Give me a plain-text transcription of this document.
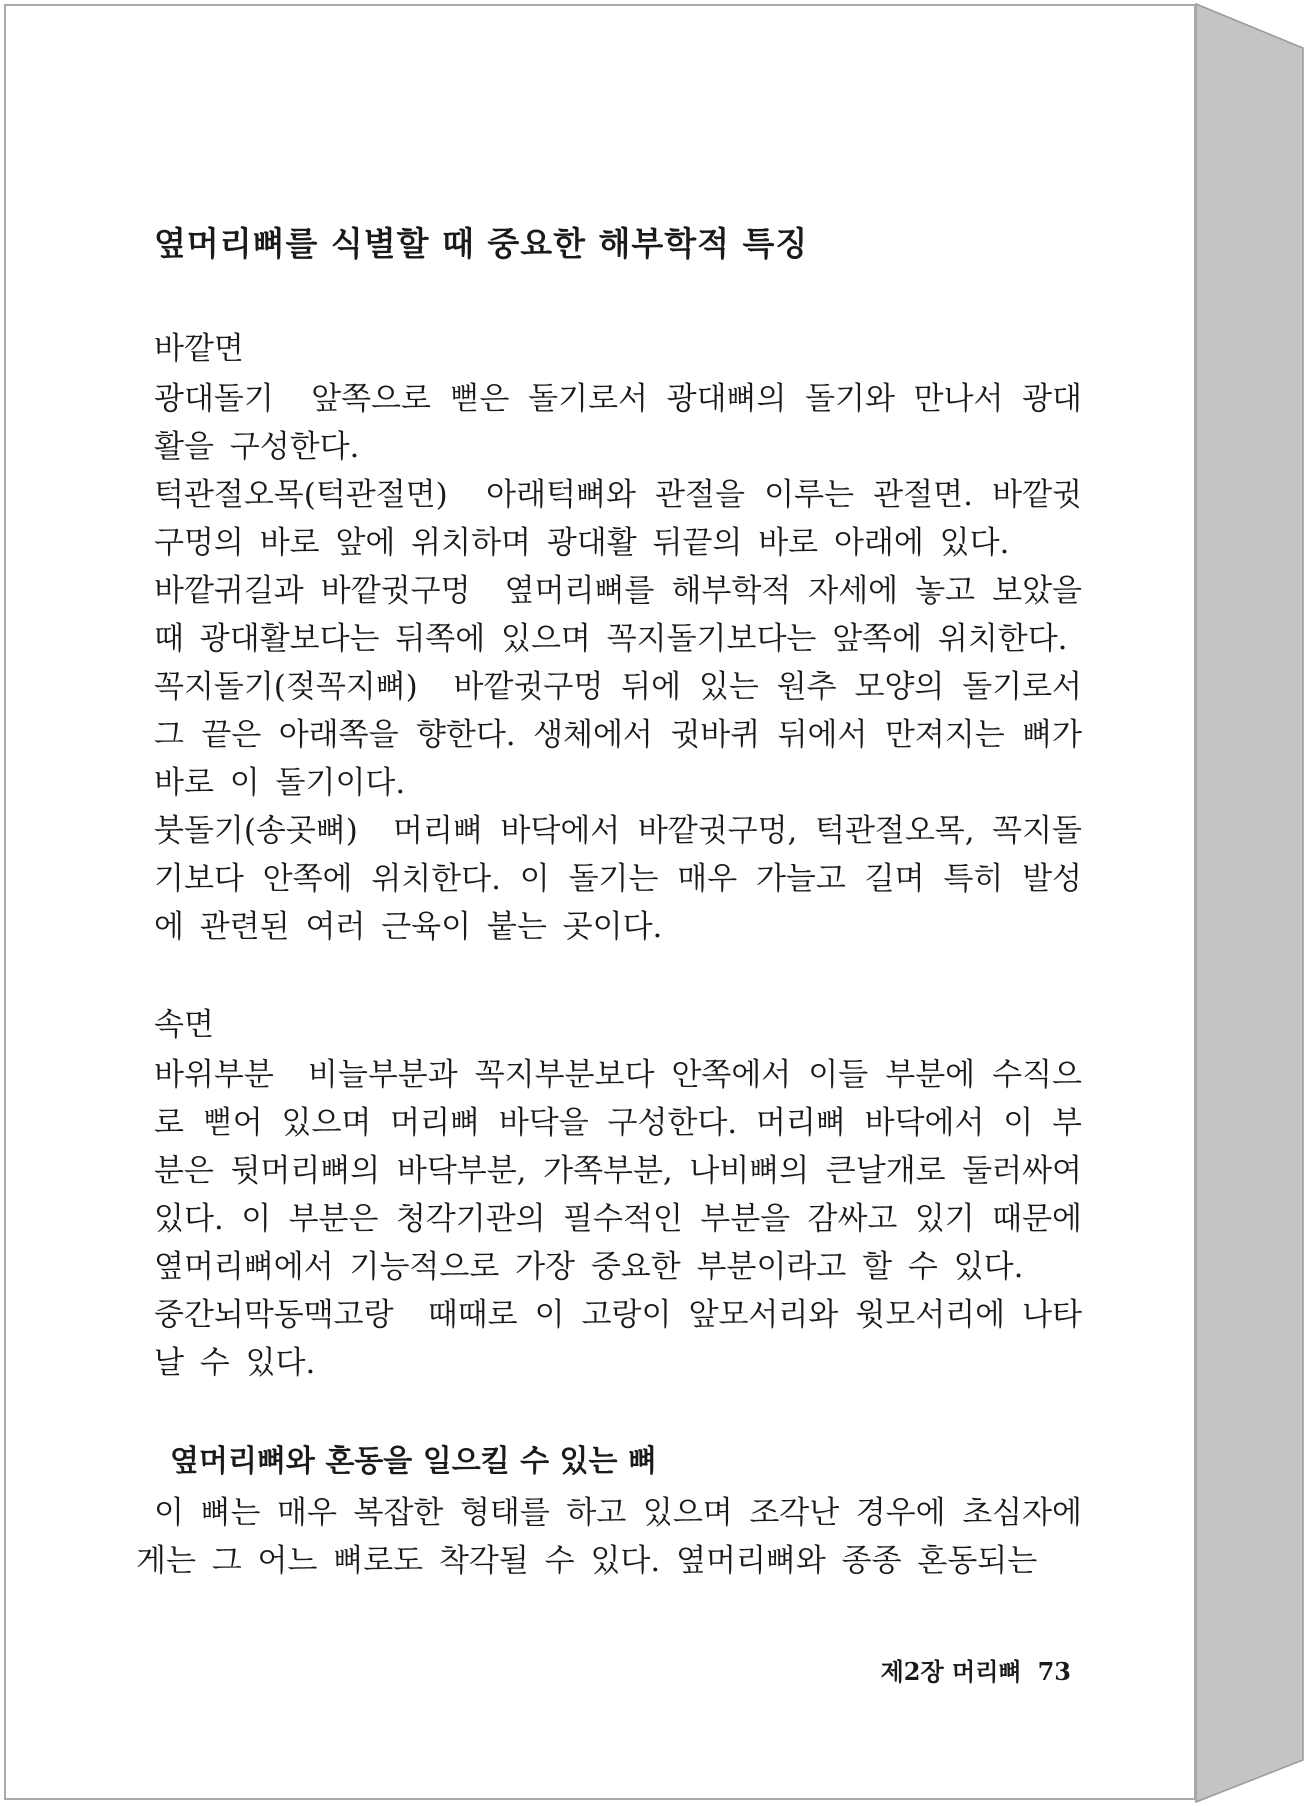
옆머리뼈를 식별할 때 중요한 해부학적 특징
바깥면

광대돌기 앞쪽으로 뻗은 돌기로서 광대뼈의 돌기와 만나서 광대활을 구성한다.

턱관절오목(턱관절면) 아래턱뼈와 관절을 이루는 관절면. 바깥귓구멍의 바로 앞에 위치하며 광대활 뒤끝의 바로 아래에 있다.

바깥귀길과 바깥귓구멍 옆머리뼈를 해부학적 자세에 놓고 보았을 때 광대활보다는 뒤쪽에 있으며 꼭지돌기보다는 앞쪽에 위치한다.

꼭지돌기(젖꼭지뼈) 바깥귓구멍 뒤에 있는 원추 모양의 돌기로서 그 끝은 아래쪽을 향한다. 생체에서 귓바퀴 뒤에서 만져지는 뼈가 바로 이 돌기이다.

붓돌기(송곳뼈) 머리뼈 바닥에서 바깥귓구멍, 턱관절오목, 꼭지돌기보다 안쪽에 위치한다. 이 돌기는 매우 가늘고 길며 특히 발성에 관련된 여러 근육이 붙는 곳이다.

속면

바위부분 비늘부분과 꼭지부분보다 안쪽에서 이들 부분에 수직으로 뻗어 있으며 머리뼈 바닥을 구성한다. 머리뼈 바닥에서 이 부분은 뒷머리뼈의 바닥부분, 가쪽부분, 나비뼈의 큰날개로 둘러싸여 있다. 이 부분은 청각기관의 필수적인 부분을 감싸고 있기 때문에 옆머리뼈에서 기능적으로 가장 중요한 부분이라고 할 수 있다.

중간뇌막동맥고랑 때때로 이 고랑이 앞모서리와 윗모서리에 나타날 수 있다.

옆머리뼈와 혼동을 일으킬 수 있는 뼈

이 뼈는 매우 복잡한 형태를 하고 있으며 조각난 경우에 초심자에게는 그 어느 뼈로도 착각될 수 있다. 옆머리뼈와 종종 혼동되는

제2장 머리뼈 73
